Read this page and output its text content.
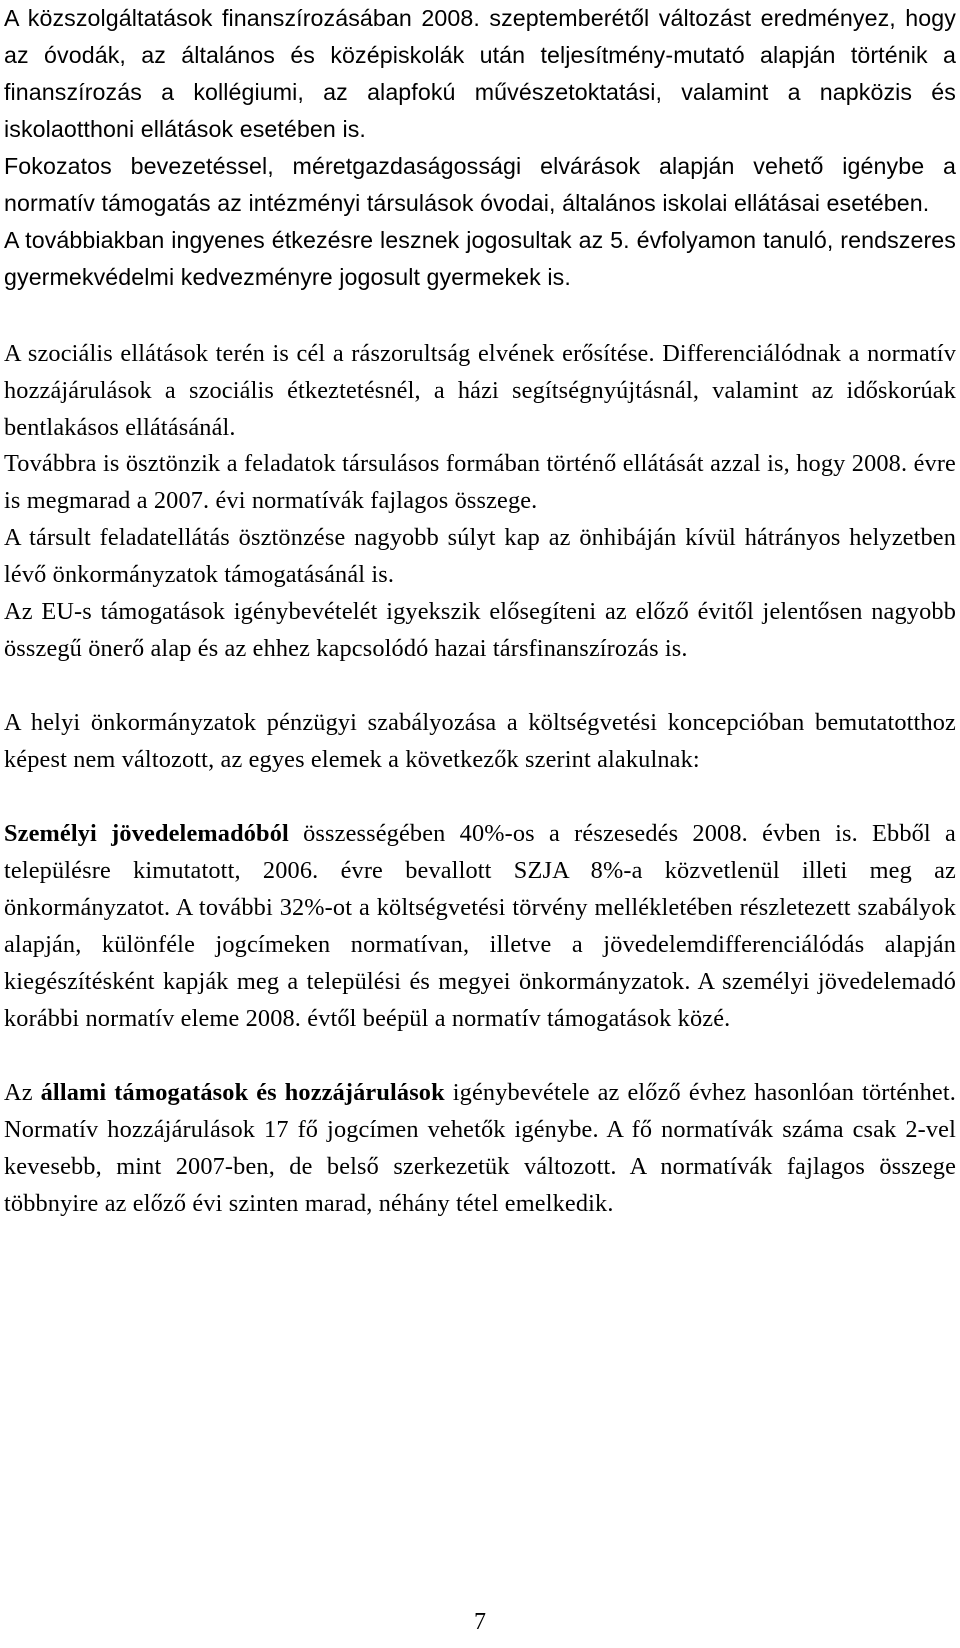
A közszolgáltatások finanszírozásában 2008. szeptemberétől változást eredményez, hogy az óvodák, az általános és középiskolák után teljesítmény-mutató alapján történik a finanszírozás a kollégiumi, az alapfokú művészetoktatási, valamint a napközis és iskolaotthoni ellátások esetében is.

Fokozatos bevezetéssel, méretgazdaságossági elvárások alapján vehető igénybe a normatív támogatás az intézményi társulások óvodai, általános iskolai ellátásai esetében.

A továbbiakban ingyenes étkezésre lesznek jogosultak az 5. évfolyamon tanuló, rendszeres gyermekvédelmi kedvezményre jogosult gyermekek is.

A szociális ellátások terén is cél a rászorultság elvének erősítése. Differenciálódnak a normatív hozzájárulások a szociális étkeztetésnél, a házi segítségnyújtásnál, valamint az időskorúak bentlakásos ellátásánál.

Továbbra is ösztönzik a feladatok társulásos formában történő ellátását azzal is, hogy 2008. évre is megmarad a 2007. évi normatívák fajlagos összege.

A társult feladatellátás ösztönzése nagyobb súlyt kap az önhibáján kívül hátrányos helyzetben lévő önkormányzatok támogatásánál is.

Az EU-s támogatások igénybevételét igyekszik elősegíteni az előző évitől jelentősen nagyobb összegű önerő alap és az ehhez kapcsolódó hazai társfinanszírozás is.

A helyi önkormányzatok pénzügyi szabályozása a költségvetési koncepcióban bemutatotthoz képest nem változott, az egyes elemek a következők szerint alakulnak:

Személyi jövedelemadóból összességében 40%-os a részesedés 2008. évben is. Ebből a településre kimutatott, 2006. évre bevallott SZJA 8%-a közvetlenül illeti meg az önkormányzatot. A további 32%-ot a költségvetési törvény mellékletében részletezett szabályok alapján, különféle jogcímeken normatívan, illetve a jövedelemdifferenciálódás alapján kiegészítésként kapják meg a települési és megyei önkormányzatok. A személyi jövedelemadó korábbi normatív eleme 2008. évtől beépül a normatív támogatások közé.

Az állami támogatások és hozzájárulások igénybevétele az előző évhez hasonlóan történhet. Normatív hozzájárulások 17 fő jogcímen vehetők igénybe. A fő normatívák száma csak 2-vel kevesebb, mint 2007-ben, de belső szerkezetük változott. A normatívák fajlagos összege többnyire az előző évi szinten marad, néhány tétel emelkedik.

7
